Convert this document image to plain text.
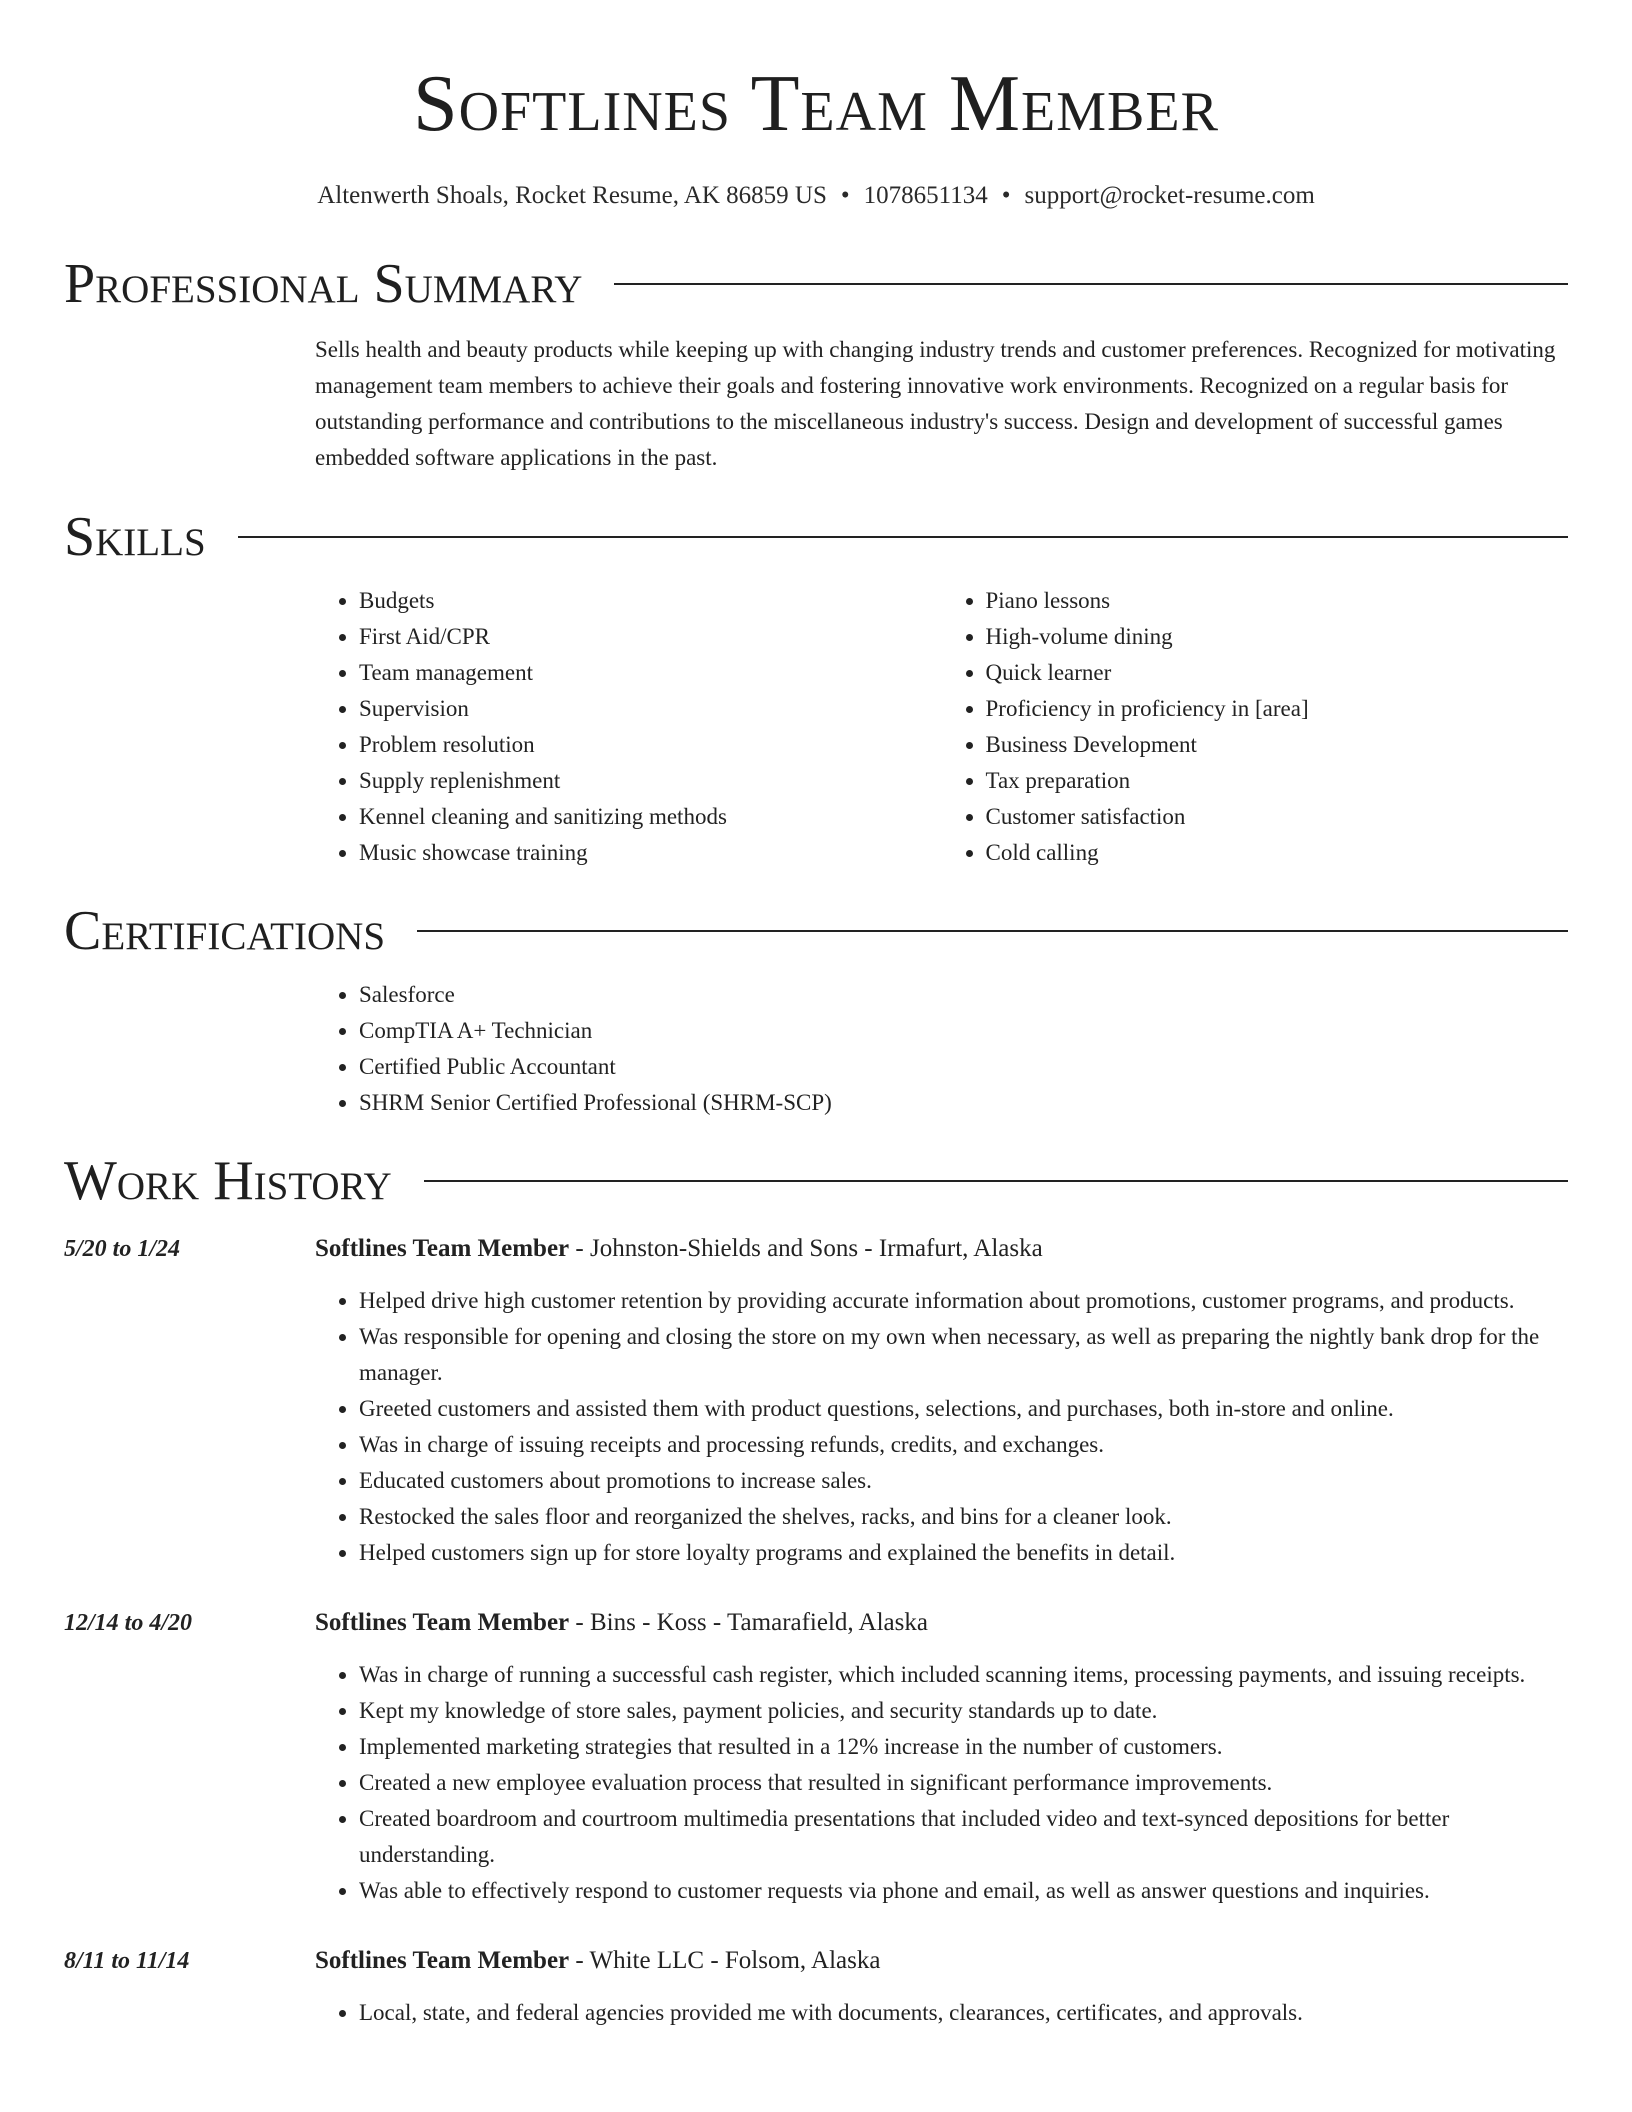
Softlines Team Member
Altenwerth Shoals, Rocket Resume, AK 86859 US • 1078651134 • support@rocket-resume.com
Professional Summary
Sells health and beauty products while keeping up with changing industry trends and customer preferences. Recognized for motivating management team members to achieve their goals and fostering innovative work environments. Recognized on a regular basis for outstanding performance and contributions to the miscellaneous industry's success. Design and development of successful games embedded software applications in the past.
Skills
• Budgets
• First Aid/CPR
• Team management
• Supervision
• Problem resolution
• Supply replenishment
• Kennel cleaning and sanitizing methods
• Music showcase training
• Piano lessons
• High-volume dining
• Quick learner
• Proficiency in proficiency in [area]
• Business Development
• Tax preparation
• Customer satisfaction
• Cold calling
Certifications
• Salesforce
• CompTIA A+ Technician
• Certified Public Accountant
• SHRM Senior Certified Professional (SHRM-SCP)
Work History
5/20 to 1/24	Softlines Team Member - Johnston-Shields and Sons - Irmafurt, Alaska
• Helped drive high customer retention by providing accurate information about promotions, customer programs, and products.
• Was responsible for opening and closing the store on my own when necessary, as well as preparing the nightly bank drop for the manager.
• Greeted customers and assisted them with product questions, selections, and purchases, both in-store and online.
• Was in charge of issuing receipts and processing refunds, credits, and exchanges.
• Educated customers about promotions to increase sales.
• Restocked the sales floor and reorganized the shelves, racks, and bins for a cleaner look.
• Helped customers sign up for store loyalty programs and explained the benefits in detail.
12/14 to 4/20	Softlines Team Member - Bins - Koss - Tamarafield, Alaska
• Was in charge of running a successful cash register, which included scanning items, processing payments, and issuing receipts.
• Kept my knowledge of store sales, payment policies, and security standards up to date.
• Implemented marketing strategies that resulted in a 12% increase in the number of customers.
• Created a new employee evaluation process that resulted in significant performance improvements.
• Created boardroom and courtroom multimedia presentations that included video and text-synced depositions for better understanding.
• Was able to effectively respond to customer requests via phone and email, as well as answer questions and inquiries.
8/11 to 11/14	Softlines Team Member - White LLC - Folsom, Alaska
• Local, state, and federal agencies provided me with documents, clearances, certificates, and approvals.
